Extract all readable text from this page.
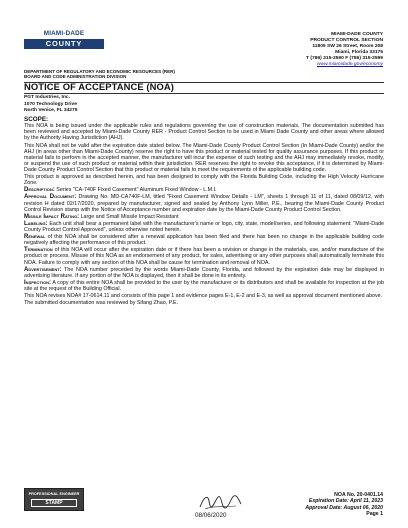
MIAMI-DADE
COUNTY
MIAMI-DADE COUNTY
PRODUCT CONTROL SECTION
11805 SW 26 Street, Room 208
Miami, Florida 33175
T (786) 315-2590 F (786) 315-2599
www.miamidade.gov/economy
DEPARTMENT OF REGULATORY AND ECONOMIC RESOURCES (RER)
BOARD AND CODE ADMINISTRATION DIVISION
NOTICE OF ACCEPTANCE (NOA)
PGT Industries, Inc.
1070 Technology Drive
North Venice, FL 34275
SCOPE:

This NOA is being issued under the applicable rules and regulations governing the use of construction materials. The documentation submitted has been reviewed and accepted by Miami-Dade County RER - Product Control Section to be used in Miami Dade County and other areas where allowed by the Authority Having Jurisdiction (AHJ).

This NOA shall not be valid after the expiration date stated below. The Miami-Dade County Product Control Section (In Miami-Dade County) and/or the AHJ (in areas other than Miami-Dade County) reserve the right to have this product or material tested for quality assurance purposes. If this product or material fails to perform in the accepted manner, the manufacturer will incur the expense of such testing and the AHJ may immediately revoke, modify, or suspend the use of such product or material within their jurisdiction. RER reserves the right to revoke this acceptance, if it is determined by Miami-Dade County Product Control Section that this product or material fails to meet the requirements of the applicable building code.

This product is approved as described herein, and has been designed to comply with the Florida Building Code, including the High Velocity Hurricane Zone.

Description: Series "CA-740F Fixed Casement" Aluminum Fixed Window - L.M.I.

Approval Document: Drawing No. MD-CA740F-LM, titled "Fixed Casement Window Details - LM", sheets 1 through 11 of 11, dated 08/09/12, with revision H dated 02/17/2020, prepared by manufacturer, signed and sealed by Anthony Lynn Miller, P.E., bearing the Miami-Dade County Product Control Revision stamp with the Notice of Acceptance number and expiration date by the Miami-Dade County Product Control Section.

Missile Impact Rating: Large and Small Missile Impact Resistant

Labeling: Each unit shall bear a permanent label with the manufacturer's name or logo, city, state, model/series, and following statement: "Miami-Dade County Product Control Approved", unless otherwise noted herein.

Renewal of this NOA shall be considered after a renewal application has been filed and there has been no change in the applicable building code negatively affecting the performance of this product.

Termination of this NOA will occur after the expiration date or if there has been a revision or change in the materials, use, and/or manufacture of the product or process. Misuse of this NOA as an endorsement of any product, for sales, advertising or any other purposes shall automatically terminate this NOA. Failure to comply with any section of this NOA shall be cause for termination and removal of NOA.

Advertisement: The NOA number preceded by the words Miami-Dade County, Florida, and followed by the expiration date may be displayed in advertising literature. If any portion of the NOA is displayed, then it shall be done in its entirety.

Inspection: A copy of this entire NOA shall be provided to the user by the manufacturer or its distributors and shall be available for inspection at the job site at the request of the Building Official.

This NOA revises NOA# 17-0614.11 and consists of this page 1 and evidence pages E-1, E-2 and E-3, as well as approval document mentioned above.

The submitted documentation was reviewed by Sifang Zhao, P.E.

PROFESSIONAL ENGINEER
STAMP
08/06/2020
NOA No. 20-0401.14
Expiration Date: April 11, 2023
Approval Date: August 06, 2020
Page 1
